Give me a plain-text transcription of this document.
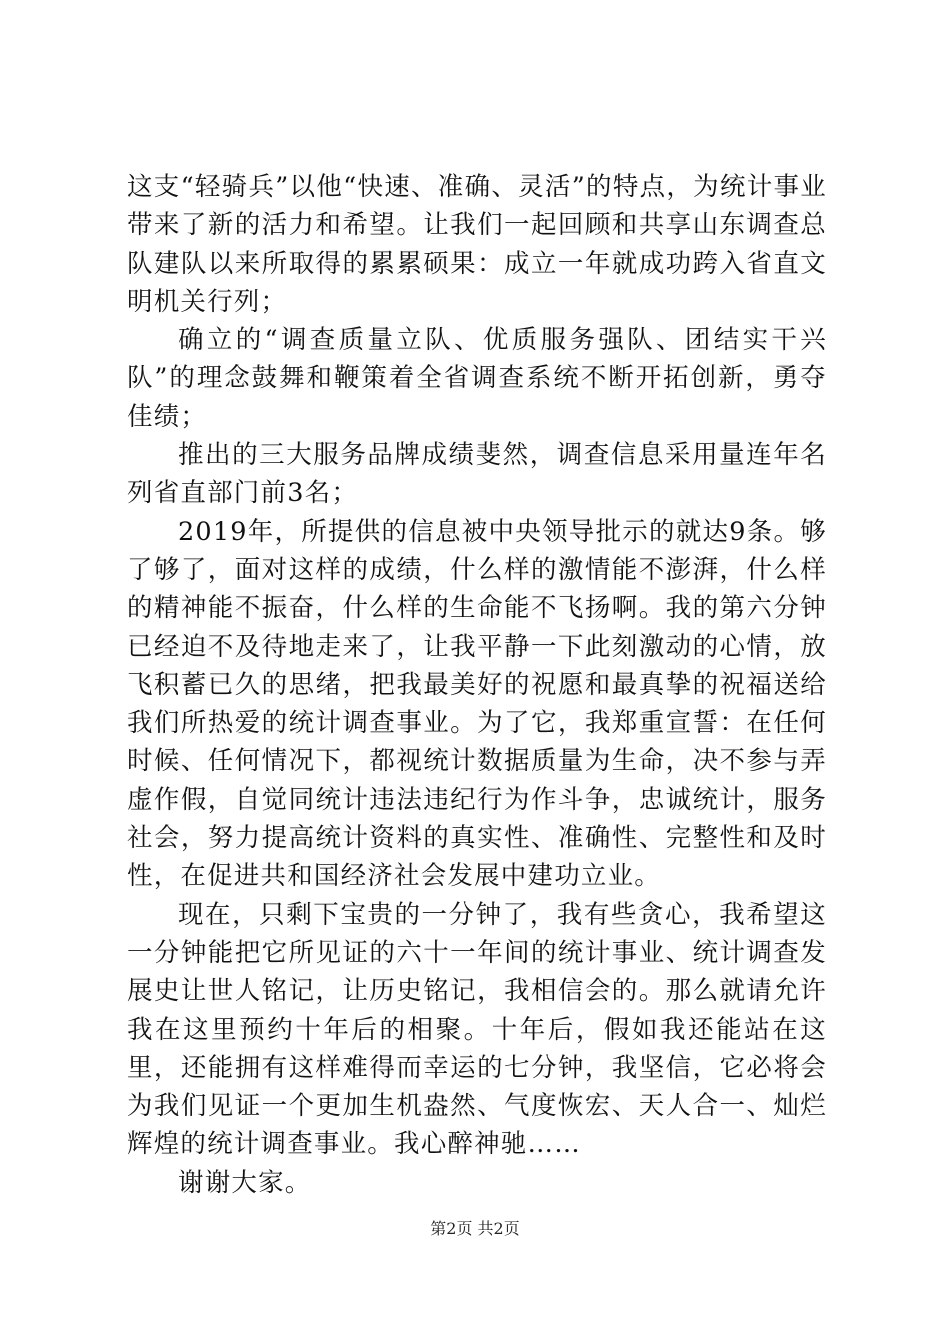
这支“轻骑兵”以他“快速、准确、灵活”的特点，为统计事业带来了新的活力和希望。让我们一起回顾和共享山东调查总队建队以来所取得的累累硕果：成立一年就成功跨入省直文明机关行列；

确立的“调查质量立队、优质服务强队、团结实干兴队”的理念鼓舞和鞭策着全省调查系统不断开拓创新，勇夺佳绩；

推出的三大服务品牌成绩斐然，调查信息采用量连年名列省直部门前3名；

2019年，所提供的信息被中央领导批示的就达9条。够了够了，面对这样的成绩，什么样的激情能不澎湃，什么样的精神能不振奋，什么样的生命能不飞扬啊。我的第六分钟已经迫不及待地走来了，让我平静一下此刻激动的心情，放飞积蓄已久的思绪，把我最美好的祝愿和最真挚的祝福送给我们所热爱的统计调查事业。为了它，我郑重宣誓：在任何时候、任何情况下，都视统计数据质量为生命，决不参与弄虚作假，自觉同统计违法违纪行为作斗争，忠诚统计，服务社会，努力提高统计资料的真实性、准确性、完整性和及时性，在促进共和国经济社会发展中建功立业。

现在，只剩下宝贵的一分钟了，我有些贪心，我希望这一分钟能把它所见证的六十一年间的统计事业、统计调查发展史让世人铭记，让历史铭记，我相信会的。那么就请允许我在这里预约十年后的相聚。十年后，假如我还能站在这里，还能拥有这样难得而幸运的七分钟，我坚信，它必将会为我们见证一个更加生机盎然、气度恢宏、天人合一、灿烂辉煌的统计调查事业。我心醉神驰……

谢谢大家。

第2页 共2页
